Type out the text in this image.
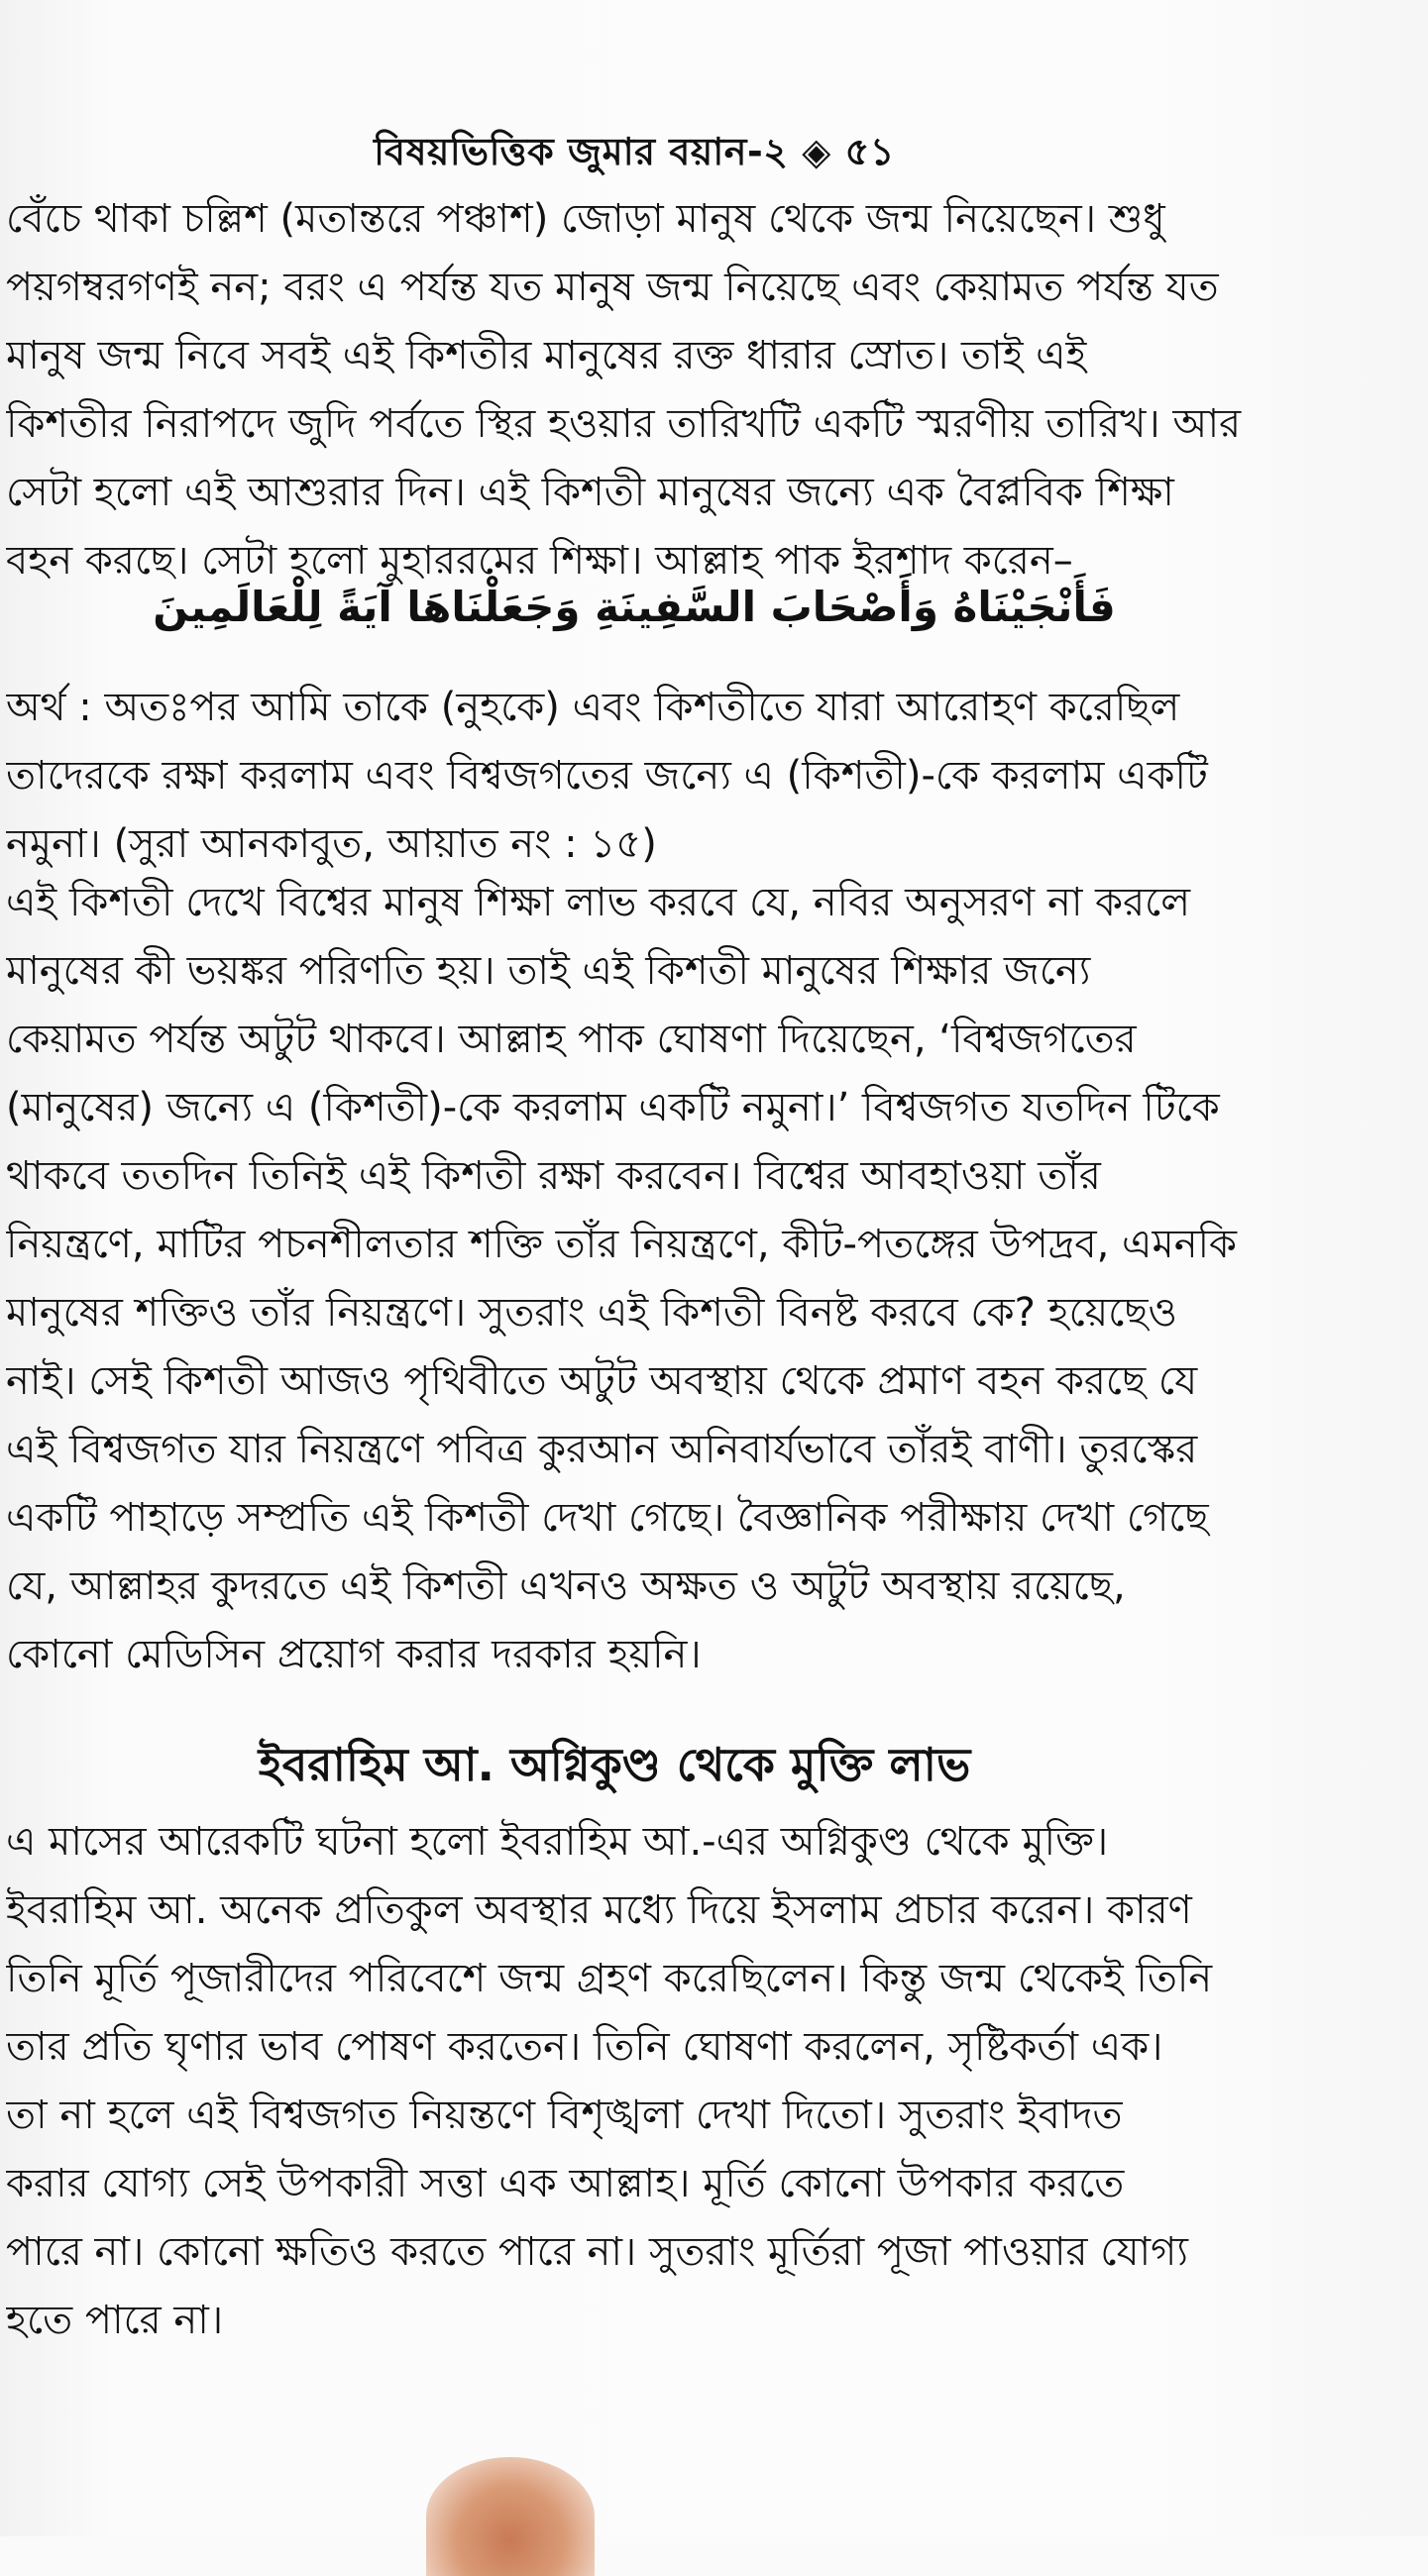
বিষয়ভিত্তিক জুমার বয়ান-২ ◈ ৫১
বেঁচে থাকা চল্লিশ (মতান্তরে পঞ্চাশ) জোড়া মানুষ থেকে জন্ম নিয়েছেন। শুধু
পয়গম্বরগণই নন; বরং এ পর্যন্ত যত মানুষ জন্ম নিয়েছে এবং কেয়ামত পর্যন্ত যত
মানুষ জন্ম নিবে সবই এই কিশতীর মানুষের রক্ত ধারার স্রোত। তাই এই
কিশতীর নিরাপদে জুদি পর্বতে স্থির হওয়ার তারিখটি একটি স্মরণীয় তারিখ। আর
সেটা হলো এই আশুরার দিন। এই কিশতী মানুষের জন্যে এক বৈপ্লবিক শিক্ষা
বহন করছে। সেটা হলো মুহাররমের শিক্ষা। আল্লাহ পাক ইরশাদ করেন–
فَأَنْجَيْنَاهُ وَأَصْحَابَ السَّفِينَةِ وَجَعَلْنَاهَا آيَةً لِلْعَالَمِينَ
অর্থ : অতঃপর আমি তাকে (নুহকে) এবং কিশতীতে যারা আরোহণ করেছিল
তাদেরকে রক্ষা করলাম এবং বিশ্বজগতের জন্যে এ (কিশতী)-কে করলাম একটি
নমুনা। (সুরা আনকাবুত, আয়াত নং : ১৫)
এই কিশতী দেখে বিশ্বের মানুষ শিক্ষা লাভ করবে যে, নবির অনুসরণ না করলে
মানুষের কী ভয়ঙ্কর পরিণতি হয়। তাই এই কিশতী মানুষের শিক্ষার জন্যে
কেয়ামত পর্যন্ত অটুট থাকবে। আল্লাহ পাক ঘোষণা দিয়েছেন, ‘বিশ্বজগতের
(মানুষের) জন্যে এ (কিশতী)-কে করলাম একটি নমুনা।’ বিশ্বজগত যতদিন টিকে
থাকবে ততদিন তিনিই এই কিশতী রক্ষা করবেন। বিশ্বের আবহাওয়া তাঁর
নিয়ন্ত্রণে, মাটির পচনশীলতার শক্তি তাঁর নিয়ন্ত্রণে, কীট-পতঙ্গের উপদ্রব, এমনকি
মানুষের শক্তিও তাঁর নিয়ন্ত্রণে। সুতরাং এই কিশতী বিনষ্ট করবে কে? হয়েছেও
নাই। সেই কিশতী আজও পৃথিবীতে অটুট অবস্থায় থেকে প্রমাণ বহন করছে যে
এই বিশ্বজগত যার নিয়ন্ত্রণে পবিত্র কুরআন অনিবার্যভাবে তাঁরই বাণী। তুরস্কের
একটি পাহাড়ে সম্প্রতি এই কিশতী দেখা গেছে। বৈজ্ঞানিক পরীক্ষায় দেখা গেছে
যে, আল্লাহর কুদরতে এই কিশতী এখনও অক্ষত ও অটুট অবস্থায় রয়েছে,
কোনো মেডিসিন প্রয়োগ করার দরকার হয়নি।
ইবরাহিম আ. অগ্নিকুণ্ড থেকে মুক্তি লাভ
এ মাসের আরেকটি ঘটনা হলো ইবরাহিম আ.-এর অগ্নিকুণ্ড থেকে মুক্তি।
ইবরাহিম আ. অনেক প্রতিকুল অবস্থার মধ্যে দিয়ে ইসলাম প্রচার করেন। কারণ
তিনি মূর্তি পূজারীদের পরিবেশে জন্ম গ্রহণ করেছিলেন। কিন্তু জন্ম থেকেই তিনি
তার প্রতি ঘৃণার ভাব পোষণ করতেন। তিনি ঘোষণা করলেন, সৃষ্টিকর্তা এক।
তা না হলে এই বিশ্বজগত নিয়ন্তণে বিশৃঙ্খলা দেখা দিতো। সুতরাং ইবাদত
করার যোগ্য সেই উপকারী সত্তা এক আল্লাহ। মূর্তি কোনো উপকার করতে
পারে না। কোনো ক্ষতিও করতে পারে না। সুতরাং মূর্তিরা পূজা পাওয়ার যোগ্য
হতে পারে না।
